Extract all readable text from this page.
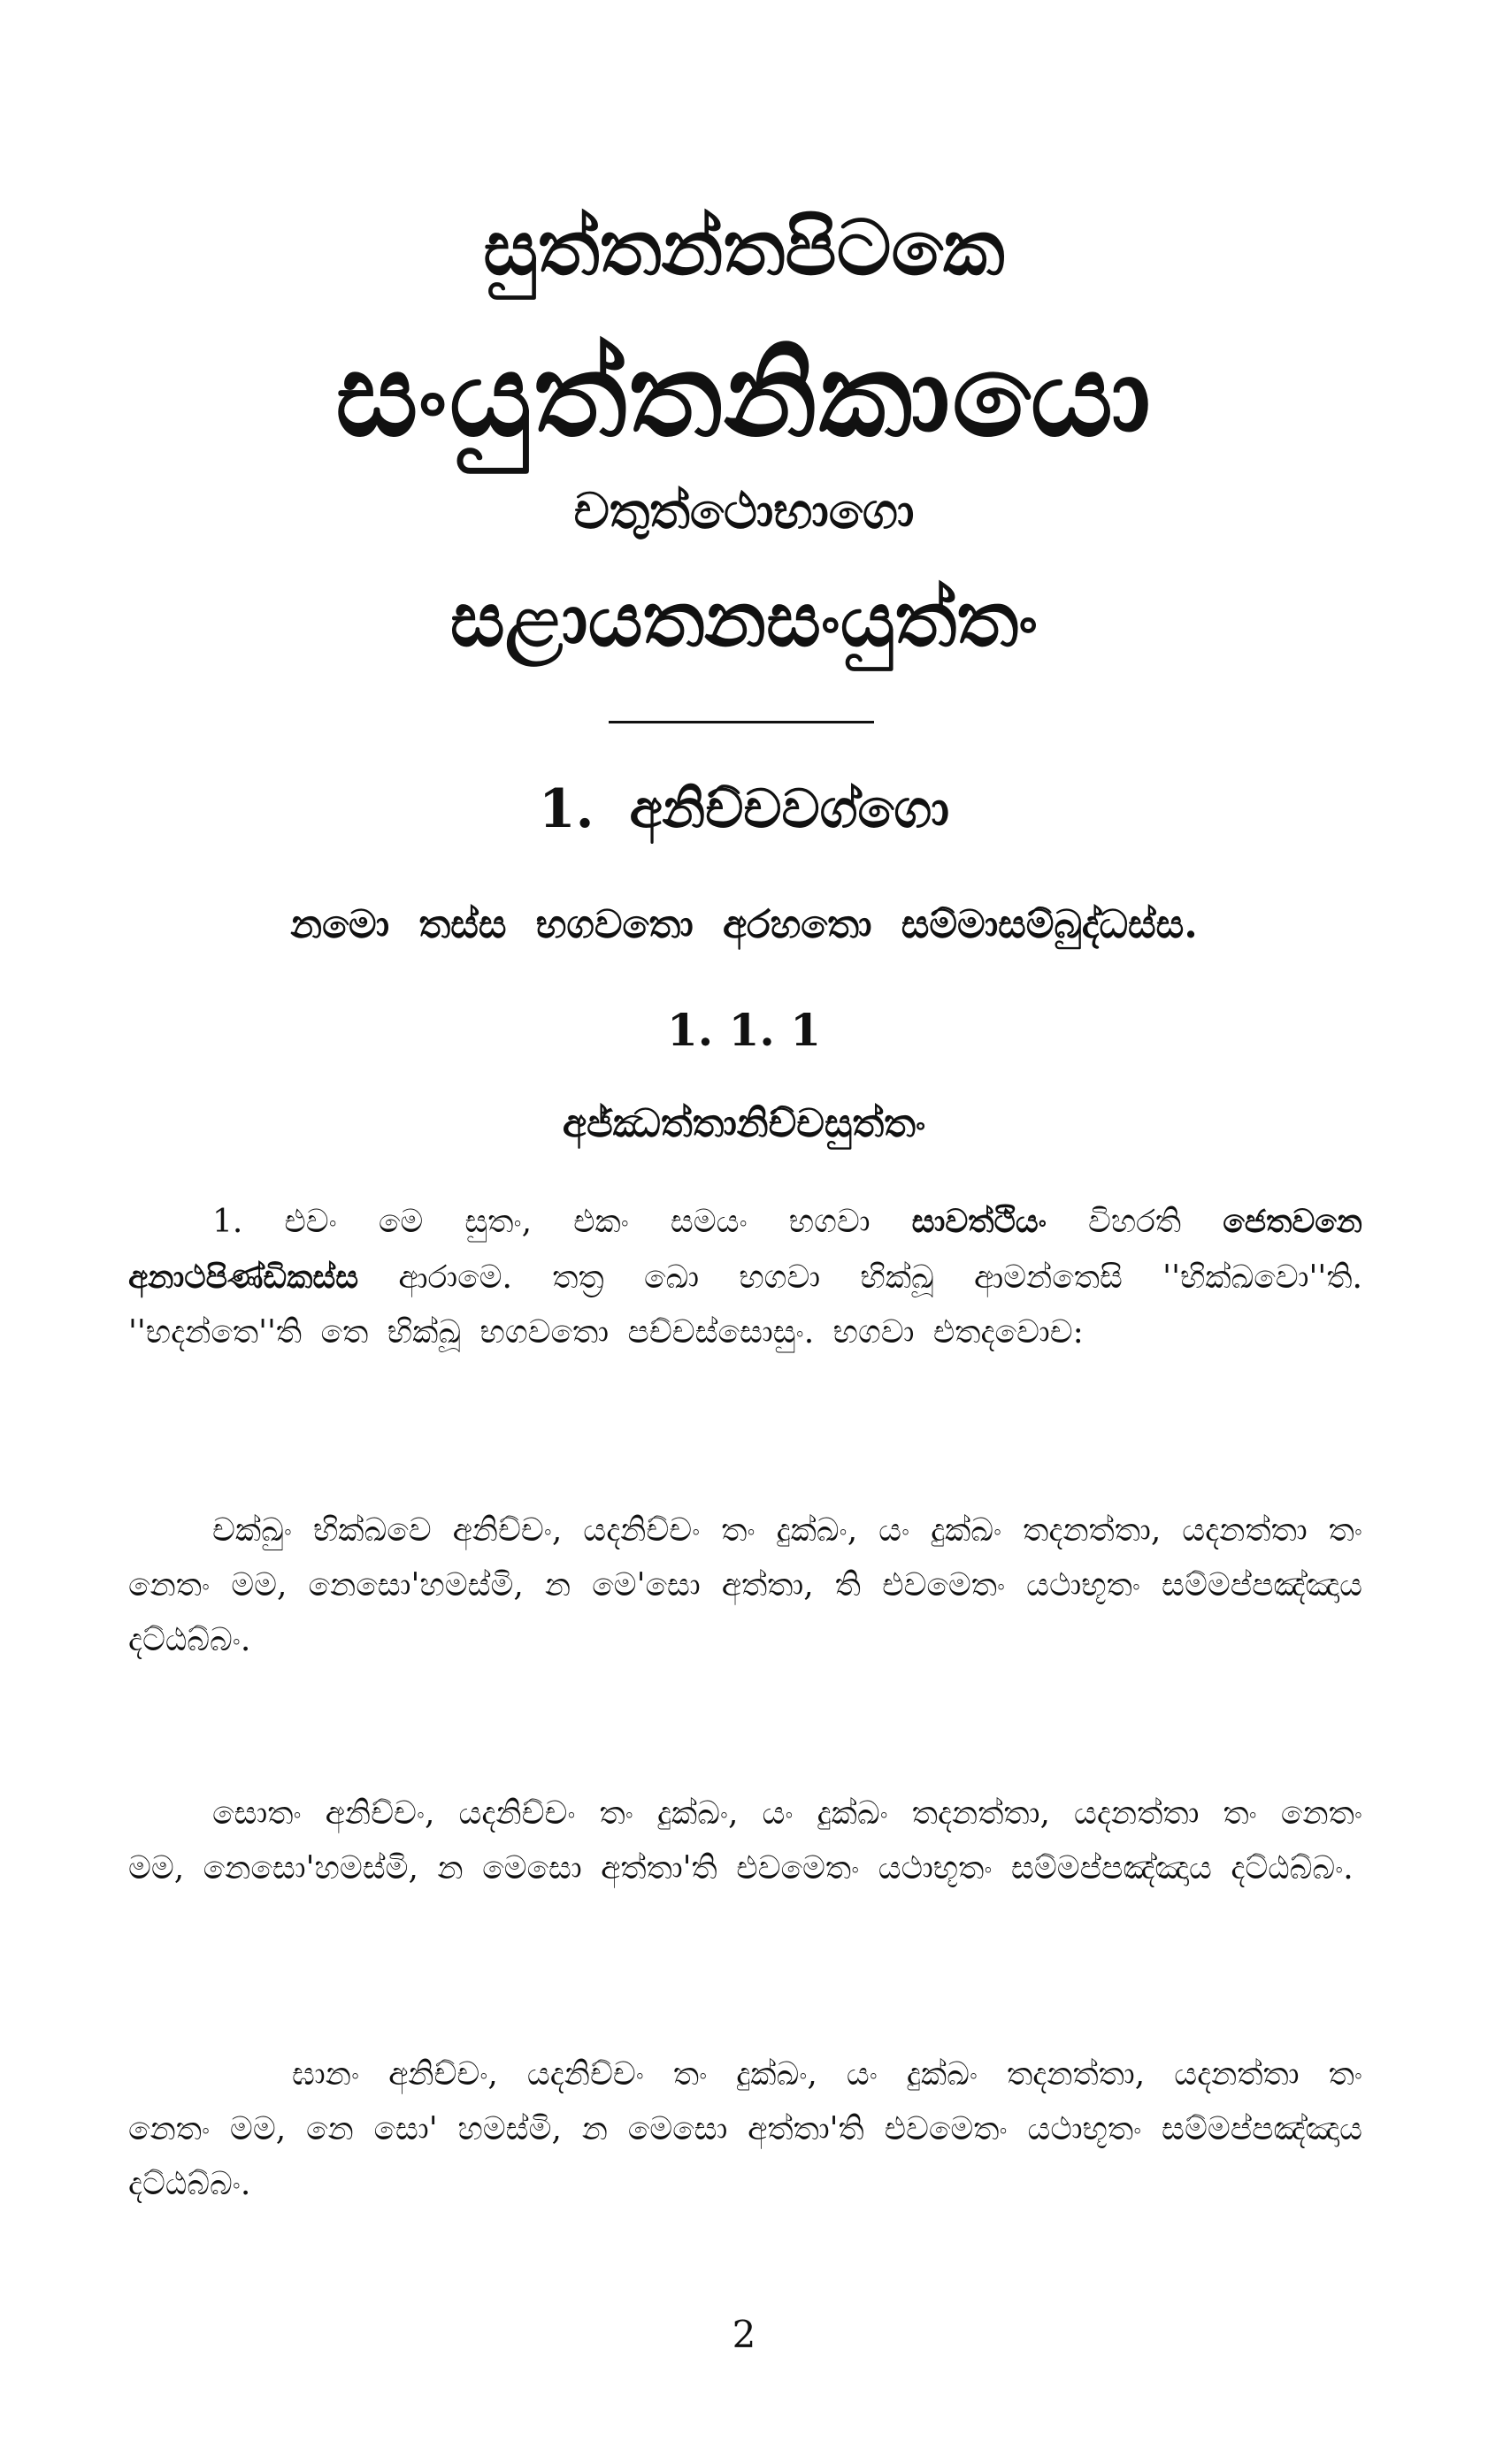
සුත්තන්තපිටකෙ
සංයුත්තනිකායො
චතුත්ථොභාගො
සළායතනසංයුත්තං
1. අනිච්චවග්ගො
නමො තස්ස භගවතො අරහතො සම්මාසම්බුද්ධස්ස.
1. 1. 1
අජ්ඣත්තානිච්චසුත්තං
1. එවං මෙ සුතං, එකං සමයං භගවා සාවත්ථියං විහරති ජෙතවනෙ අනාථපිණ්ඩිකස්ස ආරාමෙ. තත්‍ර ඛො භගවා භික්ඛූ ආමන්තෙසි ''භික්ඛවො''ති. ''භදන්තෙ''ති තෙ භික්ඛූ භගවතො පච්චස්සොසුං. භගවා එතදවොච:
චක්ඛුං භික්ඛවෙ අනිච්චං, යදනිච්චං තං දුක්ඛං, යං දුක්ඛං තදනත්තා, යදනත්තා තං නෙතං මම, නෙසො'හමස්මි, න මෙ'සො අත්තා, ති එවමෙතං යථාභූතං සම්මප්පඤ්ඤාය දට්ඨබ්බං.
සොතං අනිච්චං, යදනිච්චං තං දුක්ඛං, යං දුක්ඛං තදනත්තා, යදනත්තා තං නෙතං මම, නෙසො'හමස්මි, න මෙසො අත්තා'ති එවමෙතං යථාභූතං සම්මප්පඤ්ඤාය දට්ඨබ්බං.
ඝානං අනිච්චං, යදනිච්චං තං දුක්ඛං, යං දුක්ඛං තදනත්තා, යදනත්තා තං නෙතං මම, නෙ සො' හමස්මි, න මෙසො අත්තා'ති එවමෙතං යථාභූතං සම්මප්පඤ්ඤාය දට්ඨබ්බං.
2
